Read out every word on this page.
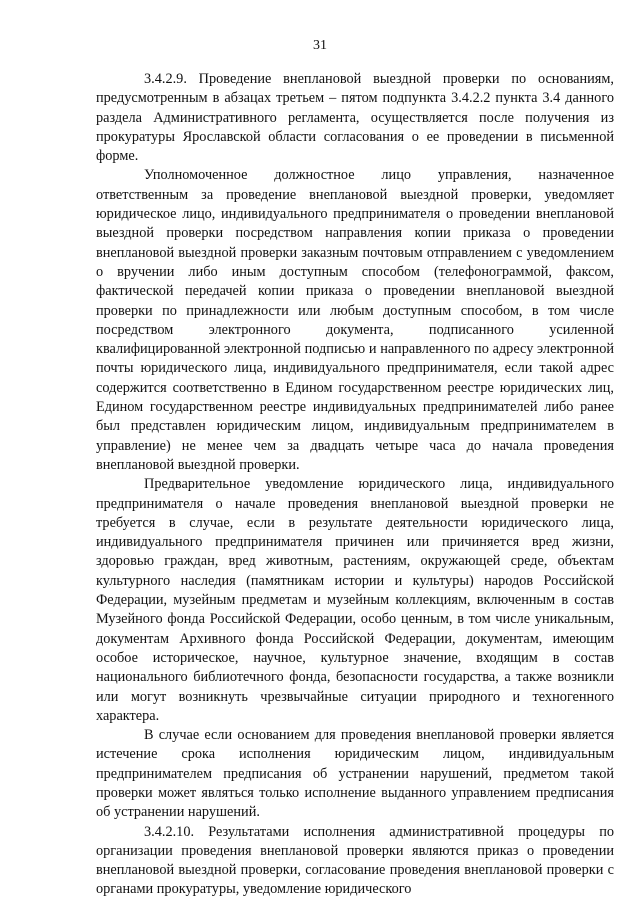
31

3.4.2.9. Проведение внеплановой выездной проверки по основаниям, предусмотренным в абзацах третьем – пятом подпункта 3.4.2.2 пункта 3.4 данного раздела Административного регламента, осуществляется после получения из прокуратуры Ярославской области согласования о ее проведении в письменной форме.

Уполномоченное должностное лицо управления, назначенное ответственным за проведение внеплановой выездной проверки, уведомляет юридическое лицо, индивидуального предпринимателя о проведении внеплановой выездной проверки посредством направления копии приказа о проведении внеплановой выездной проверки заказным почтовым отправлением с уведомлением о вручении либо иным доступным способом (телефонограммой, факсом, фактической передачей копии приказа о проведении внеплановой выездной проверки по принадлежности или любым доступным способом, в том числе посредством электронного документа, подписанного усиленной квалифицированной электронной подписью и направленного по адресу электронной почты юридического лица, индивидуального предпринимателя, если такой адрес содержится соответственно в Едином государственном реестре юридических лиц, Едином государственном реестре индивидуальных предпринимателей либо ранее был представлен юридическим лицом, индивидуальным предпринимателем в управление) не менее чем за двадцать четыре часа до начала проведения внеплановой выездной проверки.

Предварительное уведомление юридического лица, индивидуального предпринимателя о начале проведения внеплановой выездной проверки не требуется в случае, если в результате деятельности юридического лица, индивидуального предпринимателя причинен или причиняется вред жизни, здоровью граждан, вред животным, растениям, окружающей среде, объектам культурного наследия (памятникам истории и культуры) народов Российской Федерации, музейным предметам и музейным коллекциям, включенным в состав Музейного фонда Российской Федерации, особо ценным, в том числе уникальным, документам Архивного фонда Российской Федерации, документам, имеющим особое историческое, научное, культурное значение, входящим в состав национального библиотечного фонда, безопасности государства, а также возникли или могут возникнуть чрезвычайные ситуации природного и техногенного характера.

В случае если основанием для проведения внеплановой проверки является истечение срока исполнения юридическим лицом, индивидуальным предпринимателем предписания об устранении нарушений, предметом такой проверки может являться только исполнение выданного управлением предписания об устранении нарушений.

3.4.2.10. Результатами исполнения административной процедуры по организации проведения внеплановой проверки являются приказ о проведении внеплановой выездной проверки, согласование проведения внеплановой проверки с органами прокуратуры, уведомление юридического
